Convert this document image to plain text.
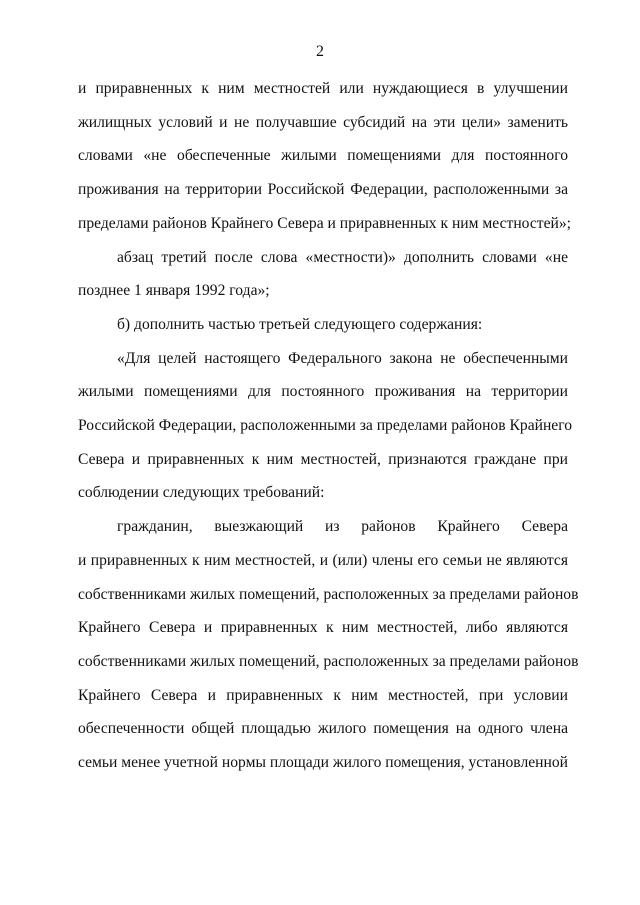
2
и приравненных к ним местностей или нуждающиеся в улучшении
жилищных условий и не получавшие субсидий на эти цели» заменить
словами «не обеспеченные жилыми помещениями для постоянного
проживания на территории Российской Федерации, расположенными за
пределами районов Крайнего Севера и приравненных к ним местностей»;
абзац третий после слова «местности)» дополнить словами «не
позднее 1 января 1992 года»;
б) дополнить частью третьей следующего содержания:
«Для целей настоящего Федерального закона не обеспеченными
жилыми помещениями для постоянного проживания на территории
Российской Федерации, расположенными за пределами районов Крайнего
Севера и приравненных к ним местностей, признаются граждане при
соблюдении следующих требований:
гражданин, выезжающий из районов Крайнего Севера
и приравненных к ним местностей, и (или) члены его семьи не являются
собственниками жилых помещений, расположенных за пределами районов
Крайнего Севера и приравненных к ним местностей, либо являются
собственниками жилых помещений, расположенных за пределами районов
Крайнего Севера и приравненных к ним местностей, при условии
обеспеченности общей площадью жилого помещения на одного члена
семьи менее учетной нормы площади жилого помещения, установленной
